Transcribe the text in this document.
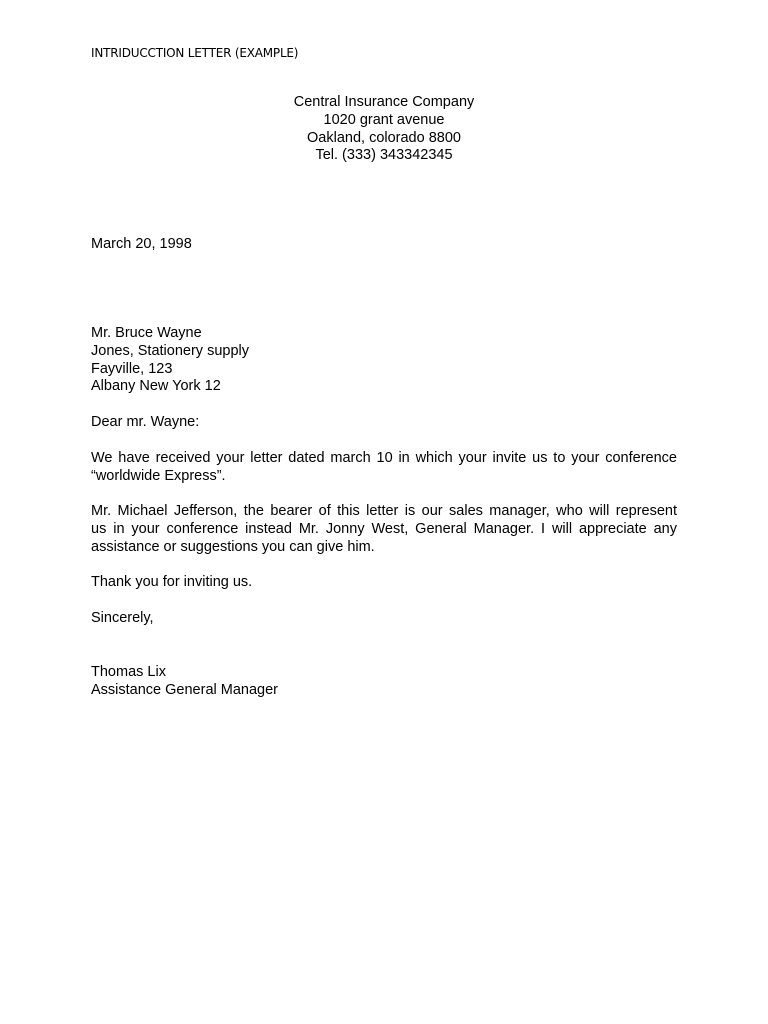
INTRIDUCCTION LETTER (EXAMPLE)
Central Insurance Company
1020 grant avenue
Oakland, colorado 8800
Tel. (333) 343342345
March 20, 1998
Mr. Bruce Wayne
Jones, Stationery supply
Fayville, 123
Albany New York 12
Dear mr. Wayne:
We have received your letter dated march 10 in which your invite us to your conference
“worldwide Express”.
Mr. Michael Jefferson, the bearer of this letter is our sales manager, who will represent
us in your conference instead Mr. Jonny West, General Manager. I will appreciate any
assistance or suggestions you can give him.
Thank you for inviting us.
Sincerely,
Thomas Lix
Assistance General Manager
